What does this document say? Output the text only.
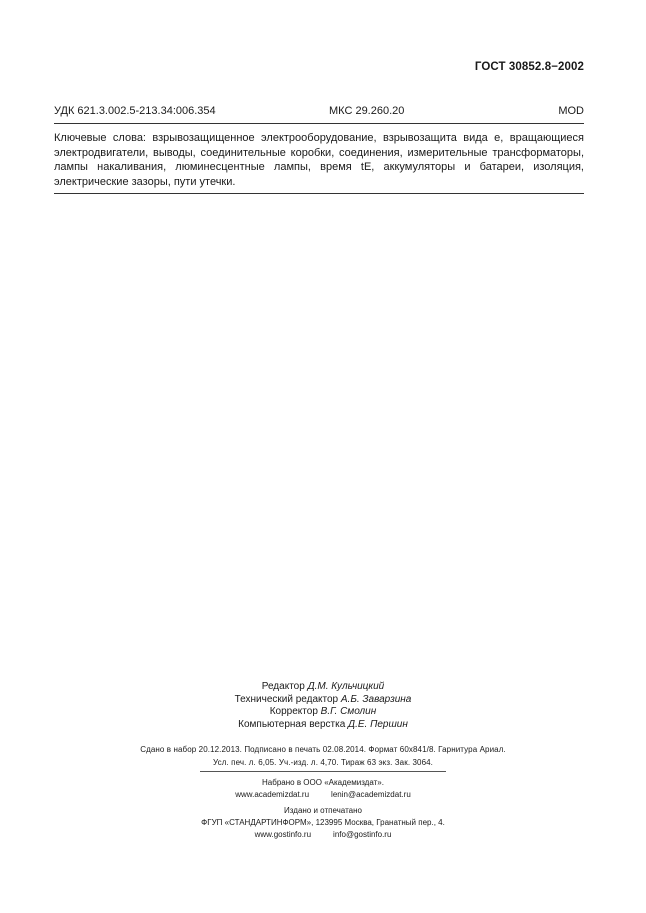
ГОСТ 30852.8−2002
УДК 621.3.002.5-213.34:006.354	МКС 29.260.20	MOD
Ключевые слова: взрывозащищенное электрооборудование, взрывозащита вида е, вращающиеся электродвигатели, выводы, соединительные коробки, соединения, измерительные трансформаторы, лампы накаливания, люминесцентные лампы, время tE, аккумуляторы и батареи, изоляция, электрические зазоры, пути утечки.
Редактор Д.М. Кульчицкий
Технический редактор А.Б. Заварзина
Корректор В.Г. Смолин
Компьютерная верстка Д.Е. Першин
Сдано в набор 20.12.2013. Подписано в печать 02.08.2014. Формат 60х841/8. Гарнитура Ариал.
Усл. печ. л. 6,05. Уч.-изд. л. 4,70. Тираж 63 экз. Зак. 3064.
Набрано в ООО «Академиздат».
www.academizdat.ru	lenin@academizdat.ru
Издано и отпечатано
ФГУП «СТАНДАРТИНФОРМ», 123995 Москва, Гранатный пер., 4.
www.gostinfo.ru	info@gostinfo.ru
